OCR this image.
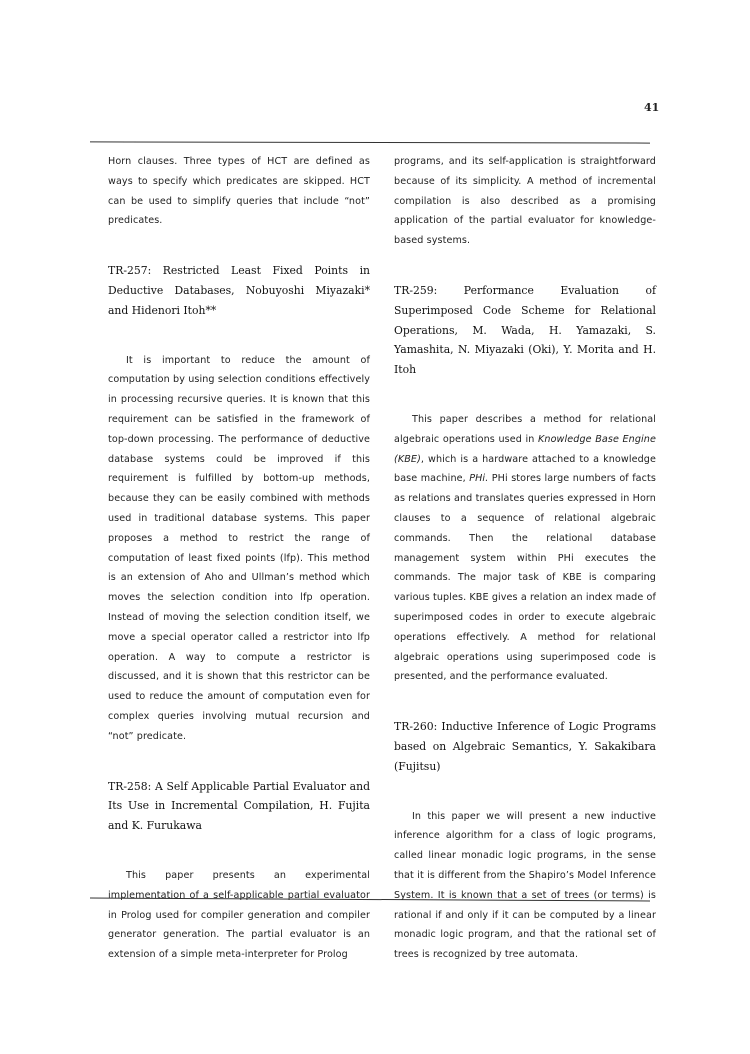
41

Horn clauses. Three types of HCT are defined as ways to specify which predicates are skipped. HCT can be used to simplify queries that include “not” predicates.

TR-257: Restricted Least Fixed Points in Deductive Databases, Nobuyoshi Miyazaki* and Hidenori Itoh**

It is important to reduce the amount of computation by using selection conditions effectively in processing recursive queries. It is known that this requirement can be satisfied in the framework of top-down processing. The performance of deductive database systems could be improved if this requirement is fulfilled by bottom-up methods, because they can be easily combined with methods used in traditional database systems. This paper proposes a method to restrict the range of computation of least fixed points (lfp). This method is an extension of Aho and Ullman’s method which moves the selection condition into lfp operation. Instead of moving the selection condition itself, we move a special operator called a restrictor into lfp operation. A way to compute a restrictor is discussed, and it is shown that this restrictor can be used to reduce the amount of computation even for complex queries involving mutual recursion and “not” predicate.

TR-258: A Self Applicable Partial Evaluator and Its Use in Incremental Compilation, H. Fujita and K. Furukawa

This paper presents an experimental implementation of a self-applicable partial evaluator in Prolog used for compiler generation and compiler generator generation. The partial evaluator is an extension of a simple meta-interpreter for Prolog

programs, and its self-application is straightforward because of its simplicity. A method of incremental compilation is also described as a promising application of the partial evaluator for knowledge-based systems.

TR-259: Performance Evaluation of Superimposed Code Scheme for Relational Operations, M. Wada, H. Yamazaki, S. Yamashita, N. Miyazaki (Oki), Y. Morita and H. Itoh

This paper describes a method for relational algebraic operations used in Knowledge Base Engine (KBE), which is a hardware attached to a knowledge base machine, PHi. PHi stores large numbers of facts as relations and translates queries expressed in Horn clauses to a sequence of relational algebraic commands. Then the relational database management system within PHi executes the commands. The major task of KBE is comparing various tuples. KBE gives a relation an index made of superimposed codes in order to execute algebraic operations effectively. A method for relational algebraic operations using superimposed code is presented, and the performance evaluated.

TR-260: Inductive Inference of Logic Programs based on Algebraic Semantics, Y. Sakakibara (Fujitsu)

In this paper we will present a new inductive inference algorithm for a class of logic programs, called linear monadic logic programs, in the sense that it is different from the Shapiro’s Model Inference System. It is known that a set of trees (or terms) is rational if and only if it can be computed by a linear monadic logic program, and that the rational set of trees is recognized by tree automata.
